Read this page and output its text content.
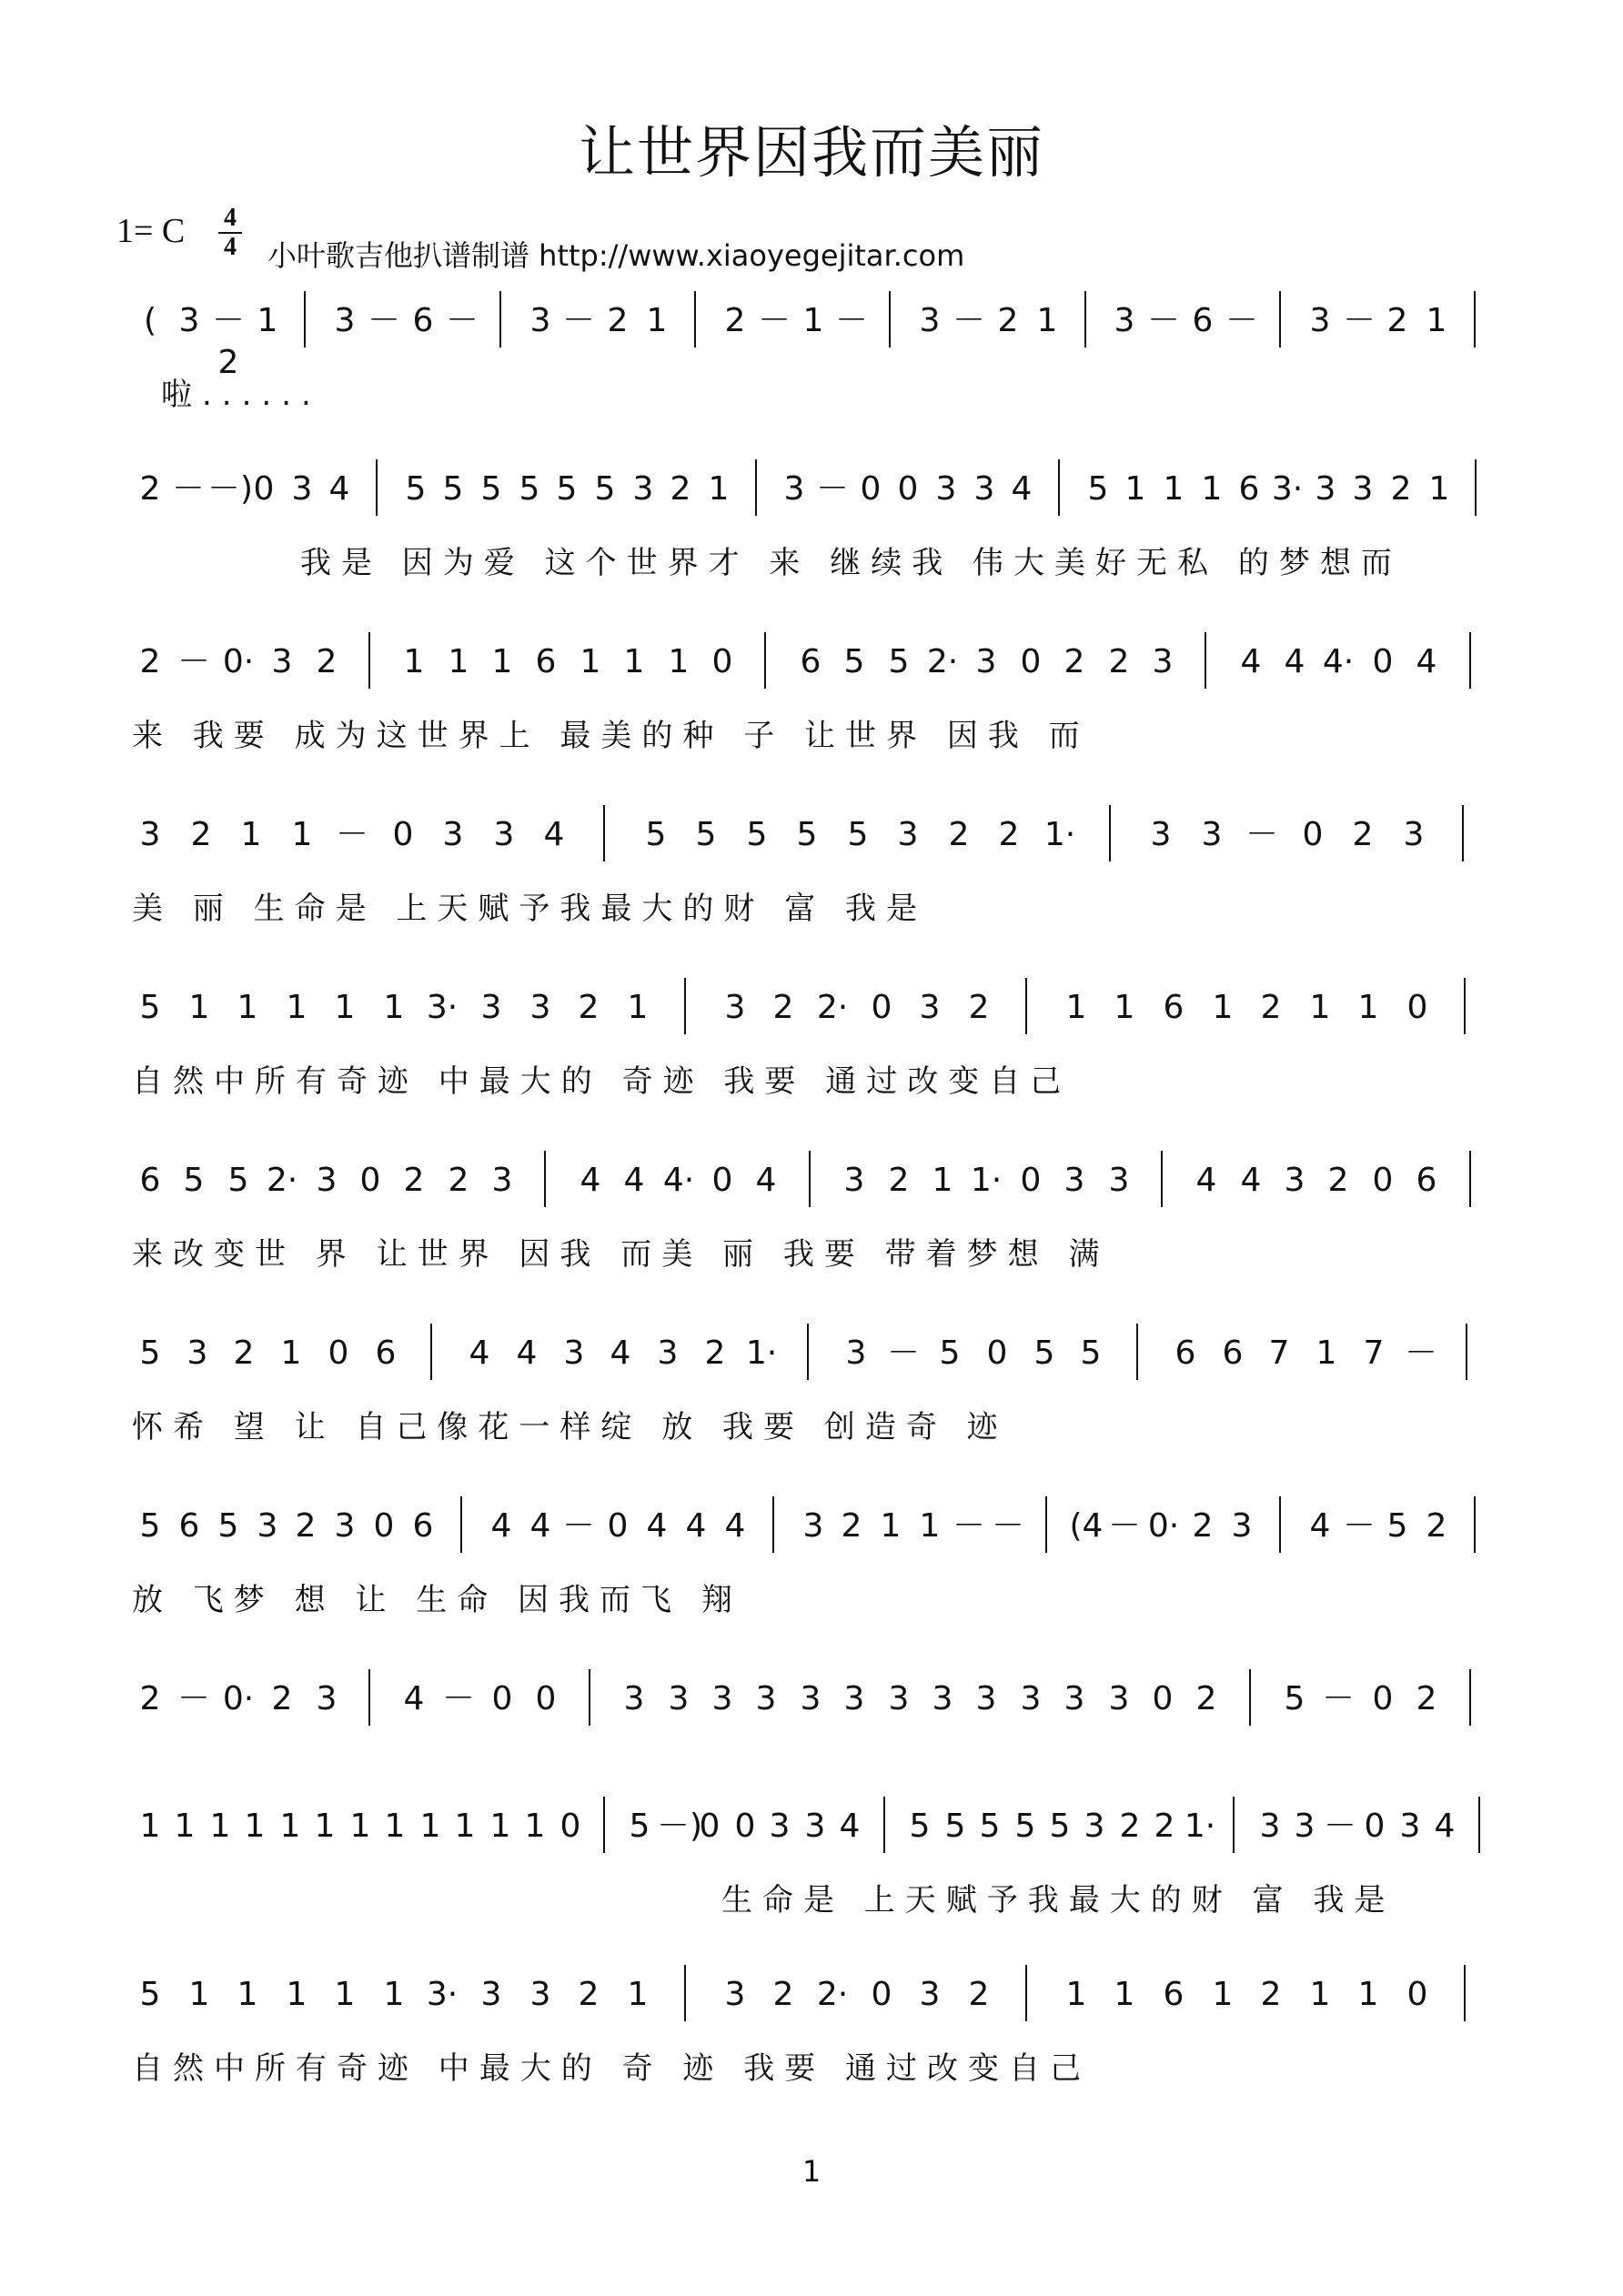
让世界因我而美丽
1= C 4
4 小叶歌吉他扒谱制谱 http://www.xiaoyegejitar.com
( 3 －2
1 3 － 6 － 3 － 2 1 2 － 1 － 3 － 2 1 3 － 6 － 3 － 2 1
啦......
2 － －) 0 3 4 5 5 5 5 5 5 3 2 1 3 － 0 0 3 3 4 5 1 1 1 6 3· 3 3 2 1
我是 因为爱 这个世界才 来 继续我 伟大美好无私 的梦想而
2 － 0· 3 2 1 1 1 6 1 1 1 0 6 5 5 2· 3 0 2 2 3 4 4 4· 0 4
来 我要 成为这世界上 最美的种 子 让世界 因我 而
3 2 1 1 － 0 3 3 4 5 5 5 5 5 3 2 2 1· 3 3 － 0 2 3
美 丽 生命是 上天赋予我最大的财 富 我是
5 1 1 1 1 1 3· 3 3 2 1 3 2 2· 0 3 2 1 1 6 1 2 1 1 0
自然中所有奇迹 中最大的 奇迹 我要 通过改变自己
6 5 5 2· 3 0 2 2 3 4 4 4· 0 4 3 2 1 1· 0 3 3 4 4 3 2 0 6
来改变世 界 让世界 因我 而美 丽 我要 带着梦想 满
5 3 2 1 0 6 4 4 3 4 3 2 1· 3 － 5 0 5 5 6 6 7 1 7 －
怀希 望 让 自己像花一样绽 放 我要 创造奇 迹
5 6 5 3 2 3 0 6 4 4 － 0 4 4 4 3 2 1 1 － － (4 － 0· 2 3 4 － 5 2
放 飞梦 想 让 生命 因我而飞 翔
2 － 0· 2 3 4 － 0 0 3 3 3 3 3 3 3 3 3 3 3 3 0 2 5 － 0 2
1 1 1 1 1 1 1 1 1 1 1 1 0 5 －)
0 0 3 3 4 5 5 5 5 5 3 2 2 1· 3 3 － 0 3 4
生命是 上天赋予我最大的财 富 我是
5 1 1 1 1 1 3· 3 3 2 1 3 2 2· 0 3 2 1 1 6 1 2 1 1 0
自然中所有奇迹 中最大的 奇 迹 我要 通过改变自己
1
